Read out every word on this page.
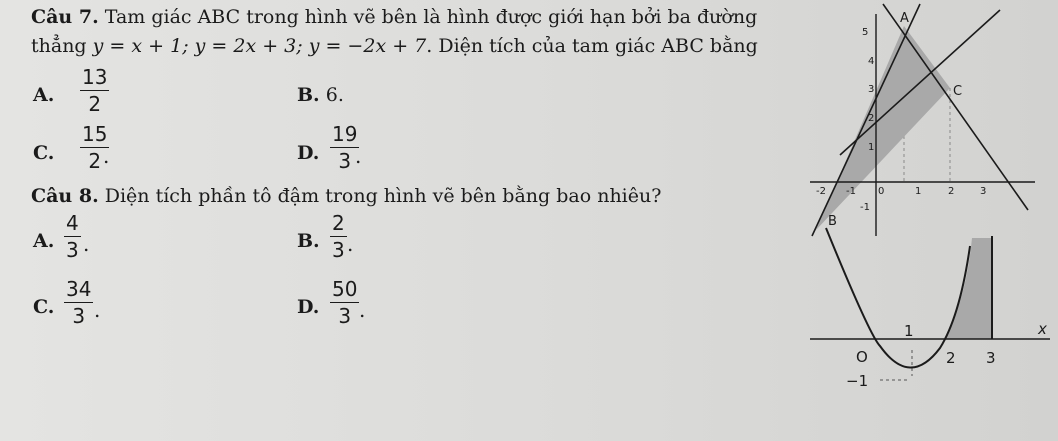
Câu 7. Tam giác ABC trong hình vẽ bên là hình được giới hạn bởi ba đường
thẳng y = x + 1; y = 2x + 3; y = −2x + 7. Diện tích của tam giác ABC bằng
A.
13
2	B. 6.
C.
15
2 .	D.
19
3 .
Câu 8. Diện tích phần tô đậm trong hình vẽ bên bằng bao nhiêu?
A.
4
3 .	B.
2
3 .
C.
34
3 .	D.
50
3 .
A
B
C
5
4
3
2
1
-1
-2 -1 0	1	2	3
x
O
1
−1
2 3
